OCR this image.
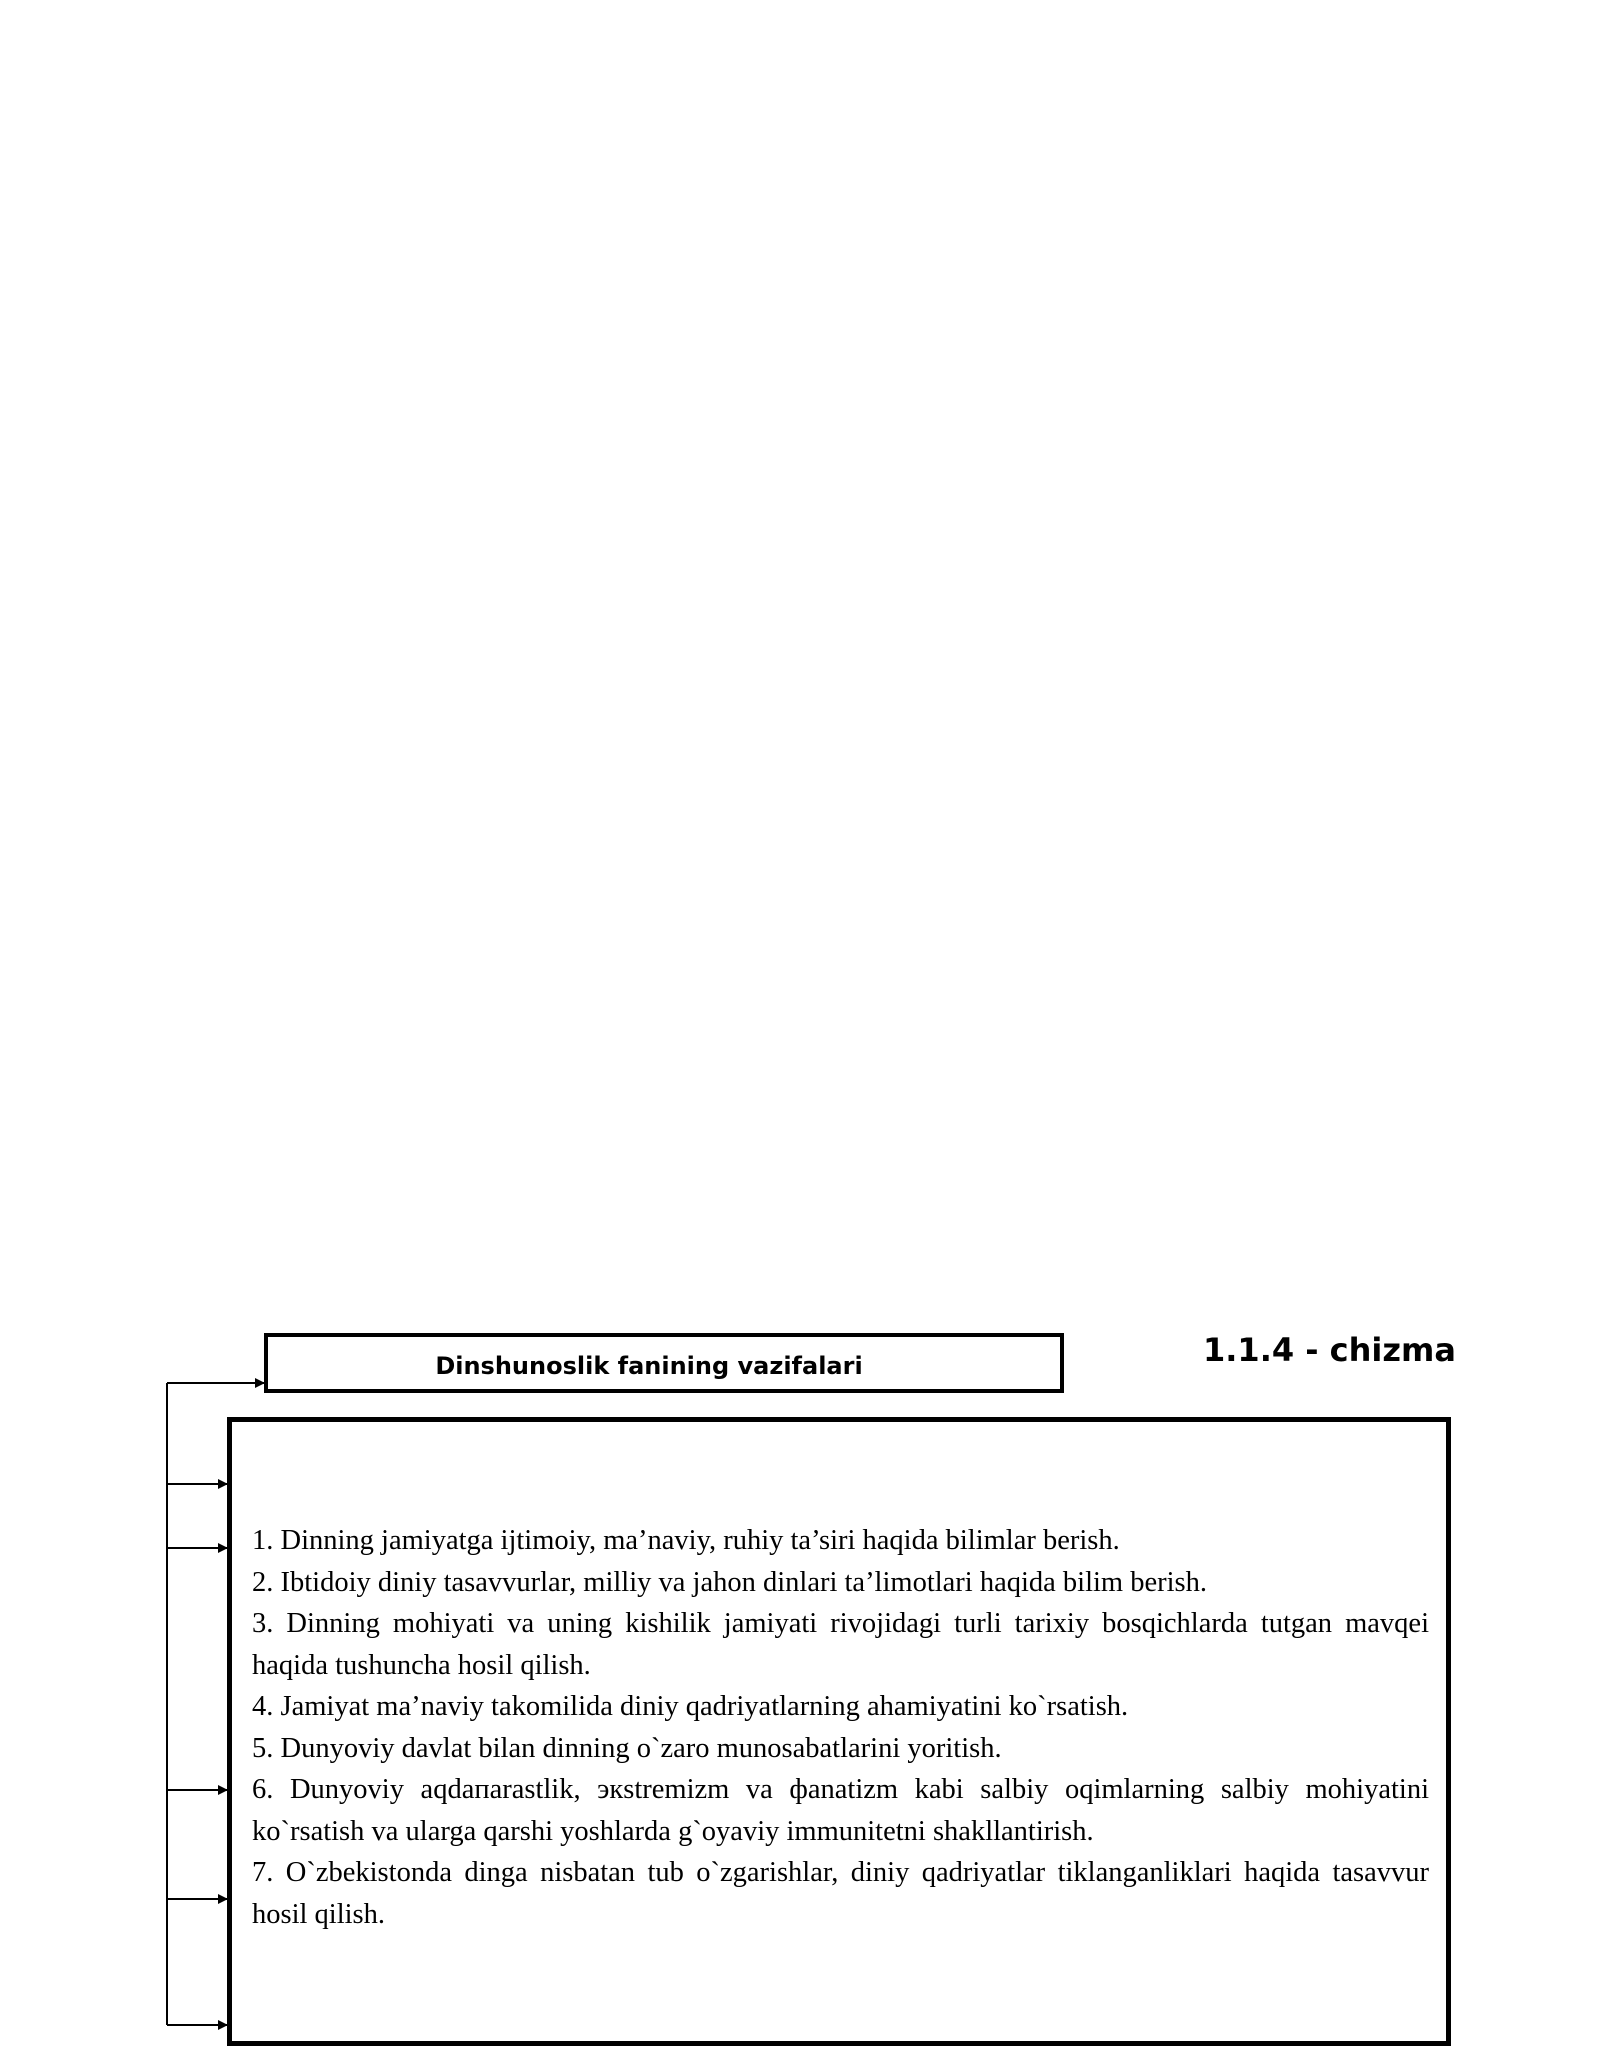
Dinshunoslik fanining vazifalari	1.1.4 - chizma
1. Dinning jamiyatga ijtimoiy, ma’naviy, ruhiy ta’siri haqida bilimlar berish.
2. Ibtidoiy diniy tasavvurlar, milliy va jahon dinlari ta’limotlari haqida bilim berish.
3. Dinning mohiyati va uning kishilik jamiyati rivojidagi turli tarixiy bosqichlarda tutgan mavqei haqida tushuncha hosil qilish.
4. Jamiyat ma’naviy takomilida diniy qadriyatlarning ahamiyatini ko`rsatish.
5. Dunyoviy davlat bilan dinning o`zaro munosabatlarini yoritish.
6. Dunyoviy aqdaпarastlik, экstremizm va фanatizm kabi salbiy oqimlarning salbiy mohiyatini ko`rsatish va ularga qarshi yoshlarda g`oyaviy immunitetni shakllantirish.
7. O`zbekistonda dinga nisbatan tub o`zgarishlar, diniy qadriyatlar tiklanganliklari haqida tasavvur hosil qilish.
